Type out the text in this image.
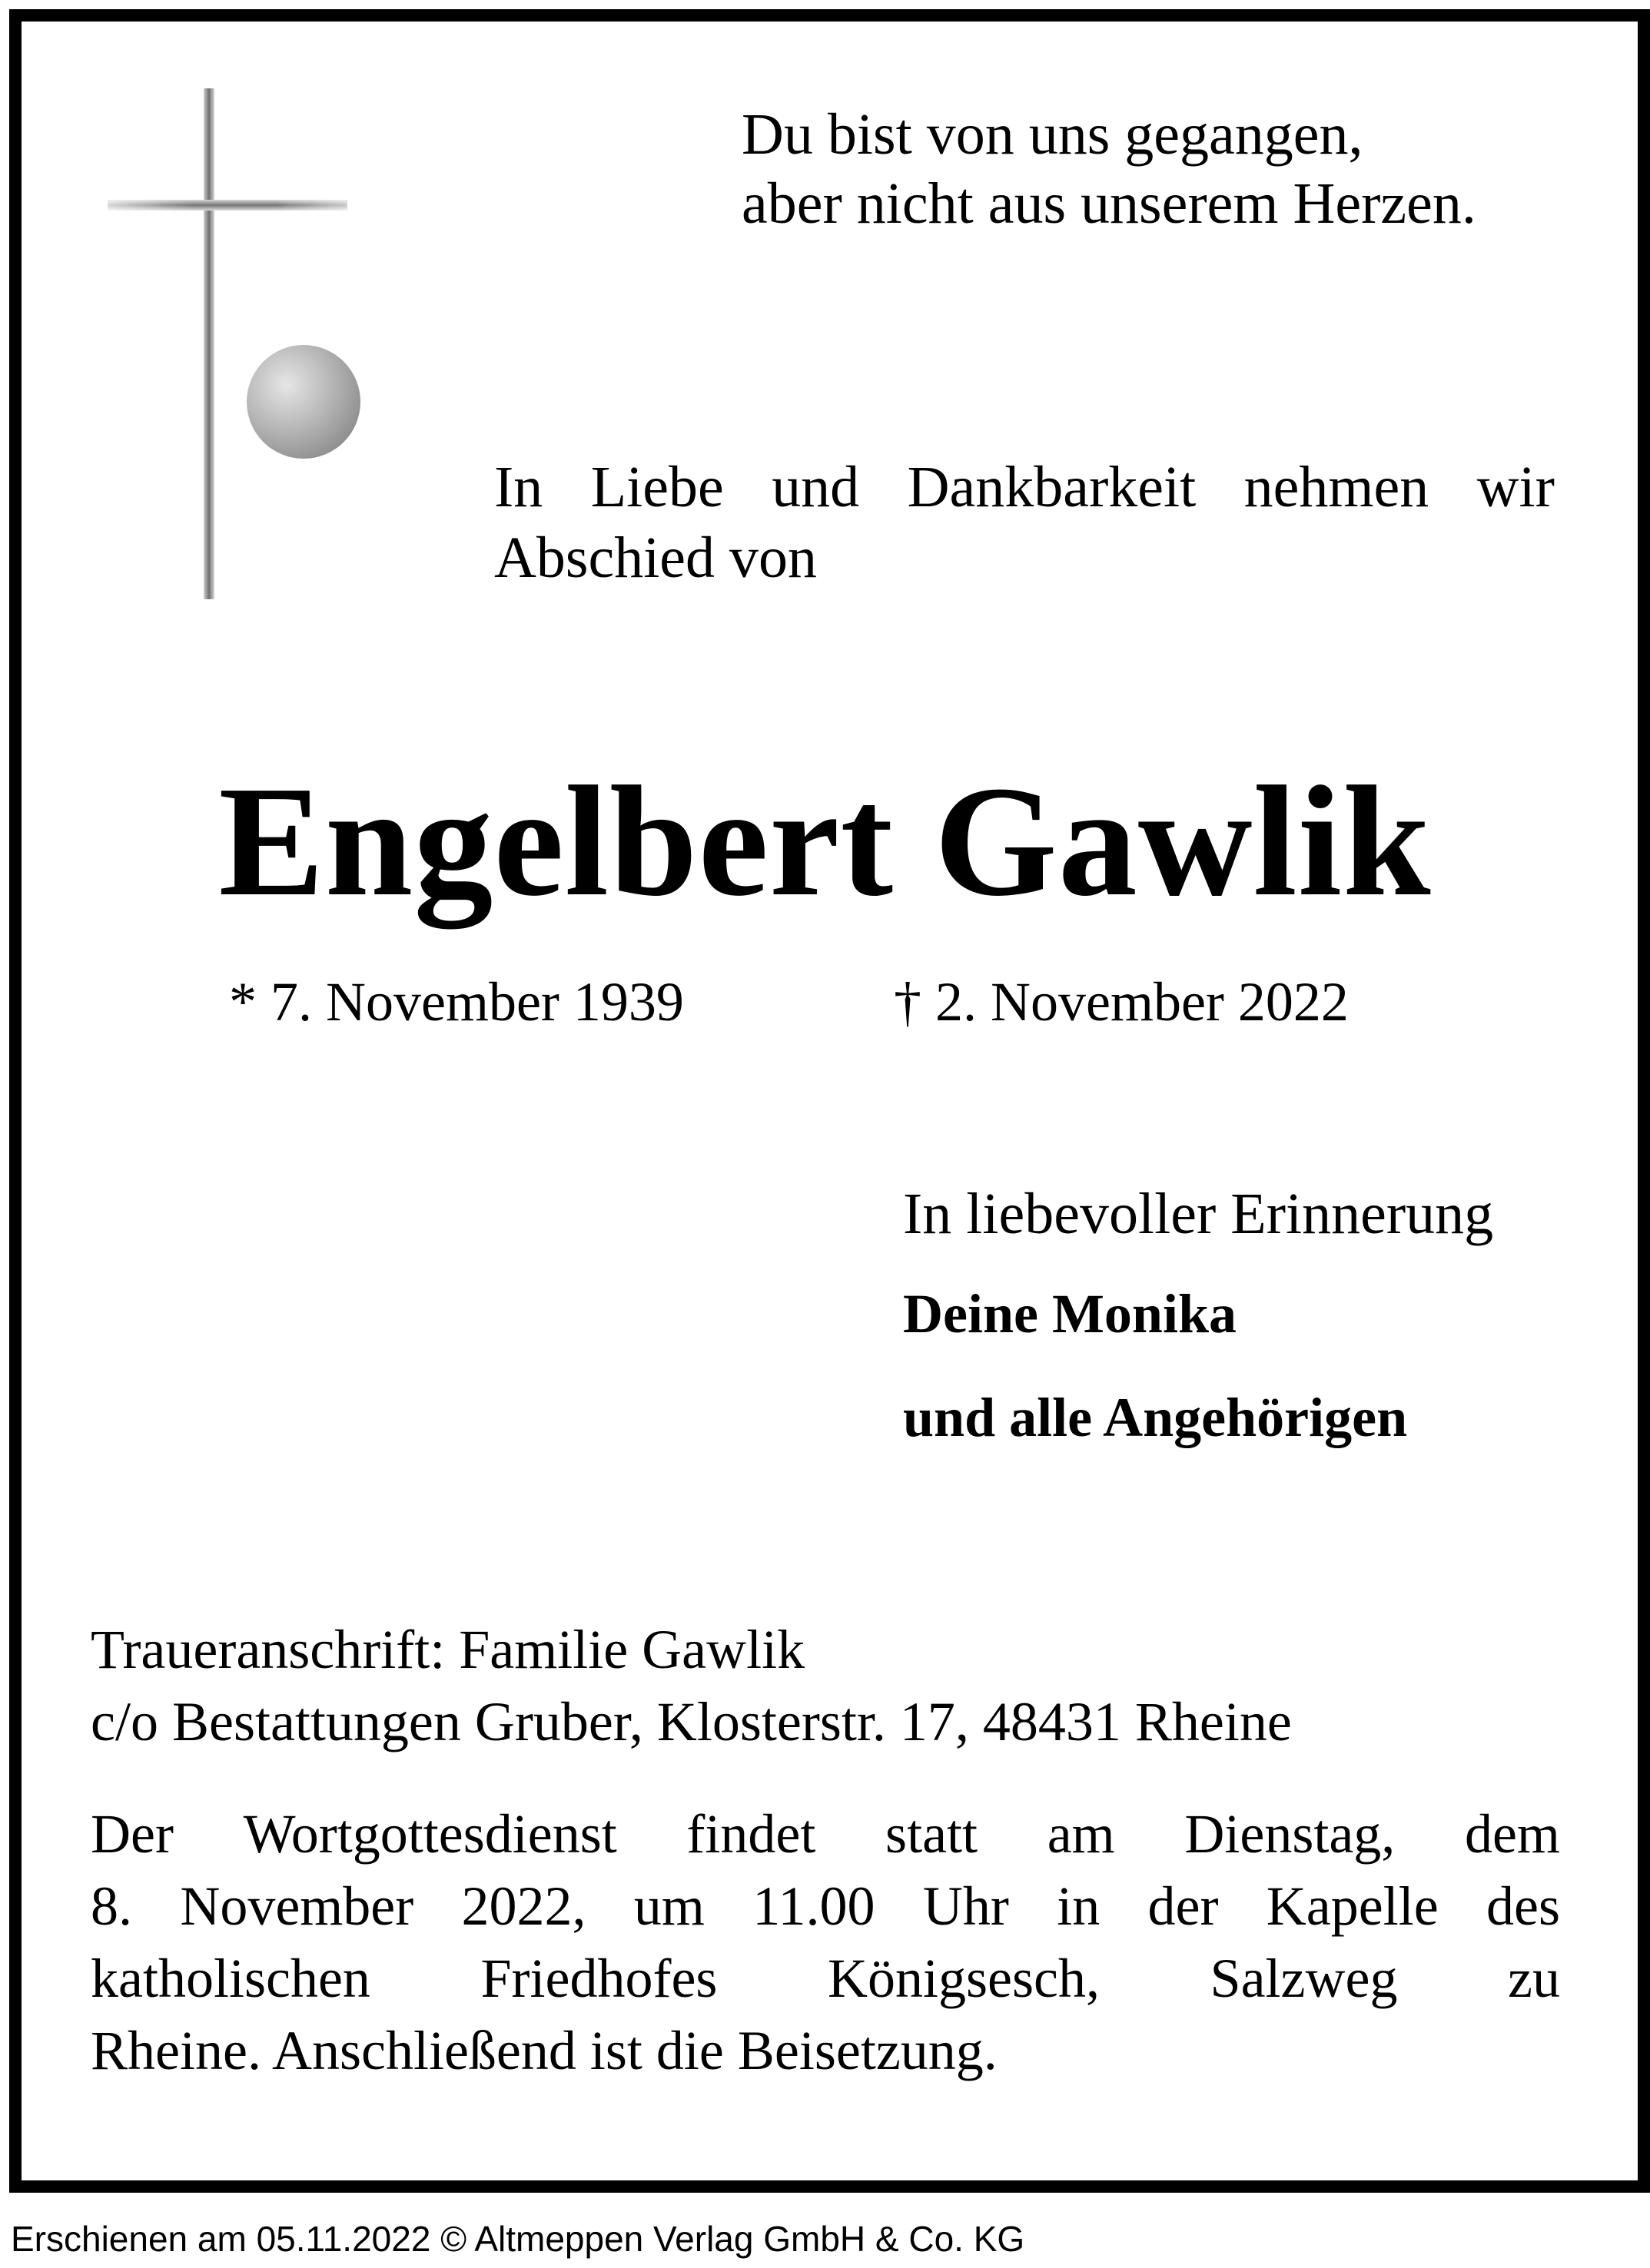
Du bist von uns gegangen,
aber nicht aus unserem Herzen.
In Liebe und Dankbarkeit nehmen wir
Abschied von
Engelbert Gawlik
* 7. November 1939	† 2. November 2022
In liebevoller Erinnerung
Deine Monika
und alle Angehörigen
Traueranschrift: Familie Gawlik
c/o Bestattungen Gruber, Klosterstr. 17, 48431 Rheine
Der Wortgottesdienst findet statt am Dienstag, dem
8. November 2022, um 11.00 Uhr in der Kapelle des
katholischen Friedhofes Königsesch, Salzweg zu
Rheine. Anschließend ist die Beisetzung.
Erschienen am 05.11.2022 © Altmeppen Verlag GmbH & Co. KG
